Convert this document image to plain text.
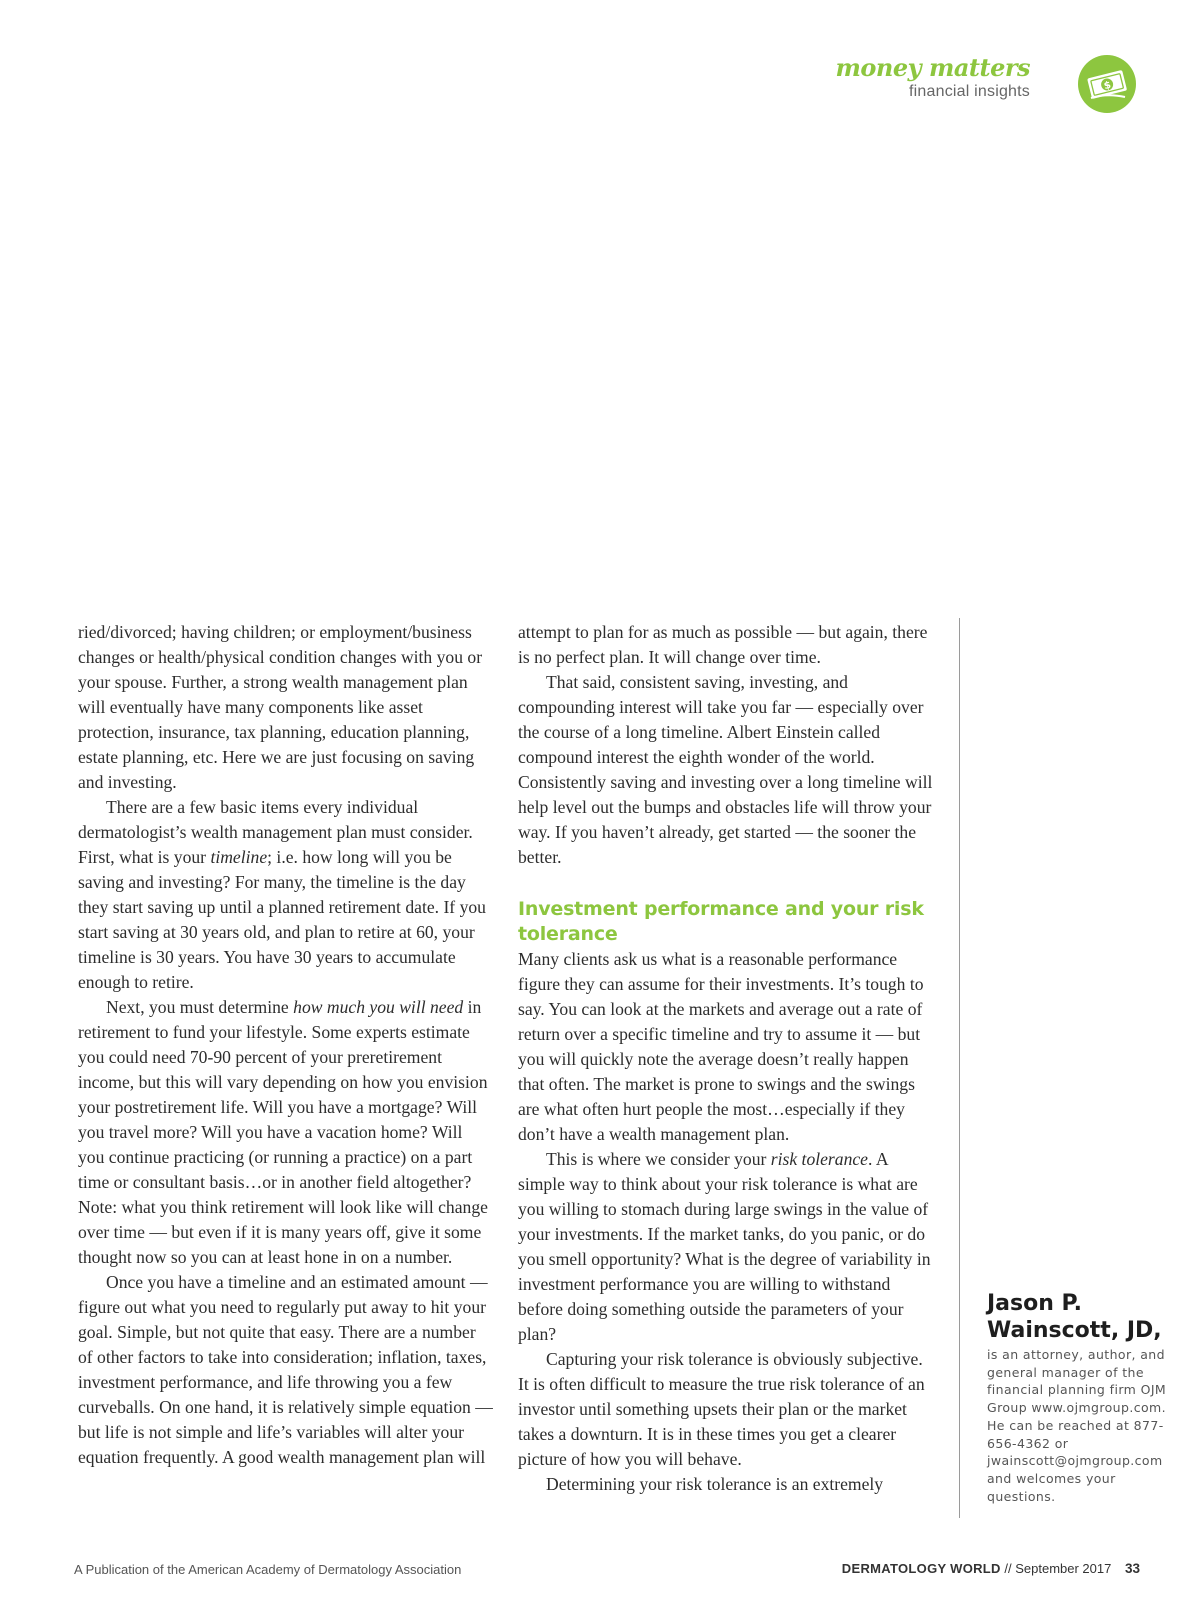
money matters
financial insights	$

ried/divorced; having children; or employment/business changes or health/physical condition changes with you or your spouse. Further, a strong wealth management plan will eventually have many components like asset protection, insurance, tax planning, education planning, estate planning, etc. Here we are just focusing on saving and investing.

There are a few basic items every individual dermatologist’s wealth management plan must consider. First, what is your timeline; i.e. how long will you be saving and investing? For many, the timeline is the day they start saving up until a planned retirement date. If you start saving at 30 years old, and plan to retire at 60, your timeline is 30 years. You have 30 years to accumulate enough to retire.

Next, you must determine how much you will need in retirement to fund your lifestyle. Some experts estimate you could need 70-90 percent of your preretirement income, but this will vary depending on how you envision your postretirement life. Will you have a mortgage? Will you travel more? Will you have a vacation home? Will you continue practicing (or running a practice) on a part time or consultant basis…or in another field altogether? Note: what you think retirement will look like will change over time — but even if it is many years off, give it some thought now so you can at least hone in on a number.

Once you have a timeline and an estimated amount — figure out what you need to regularly put away to hit your goal. Simple, but not quite that easy. There are a number of other factors to take into consideration; inflation, taxes, investment performance, and life throwing you a few curveballs. On one hand, it is relatively simple equation — but life is not simple and life’s variables will alter your equation frequently. A good wealth management plan will

attempt to plan for as much as possible — but again, there is no perfect plan. It will change over time.

That said, consistent saving, investing, and compounding interest will take you far — especially over the course of a long timeline. Albert Einstein called compound interest the eighth wonder of the world. Consistently saving and investing over a long timeline will help level out the bumps and obstacles life will throw your way. If you haven’t already, get started — the sooner the better.

Investment performance and your risk tolerance

Many clients ask us what is a reasonable performance figure they can assume for their investments. It’s tough to say. You can look at the markets and average out a rate of return over a specific timeline and try to assume it — but you will quickly note the average doesn’t really happen that often. The market is prone to swings and the swings are what often hurt people the most…especially if they don’t have a wealth management plan.

This is where we consider your risk tolerance. A simple way to think about your risk tolerance is what are you willing to stomach during large swings in the value of your investments. If the market tanks, do you panic, or do you smell opportunity? What is the degree of variability in investment performance you are willing to withstand before doing something outside the parameters of your plan?

Capturing your risk tolerance is obviously subjective. It is often difficult to measure the true risk tolerance of an investor until something upsets their plan or the market takes a downturn. It is in these times you get a clearer picture of how you will behave.

Determining your risk tolerance is an extremely

Jason P. Wainscott, JD,
is an attorney, author, and general manager of the financial planning firm OJM Group www.ojmgroup.com. He can be reached at 877-656-4362 or jwainscott@ojmgroup.com and welcomes your questions.
A Publication of the American Academy of Dermatology Association	DERMATOLOGY WORLD // September 2017 33
